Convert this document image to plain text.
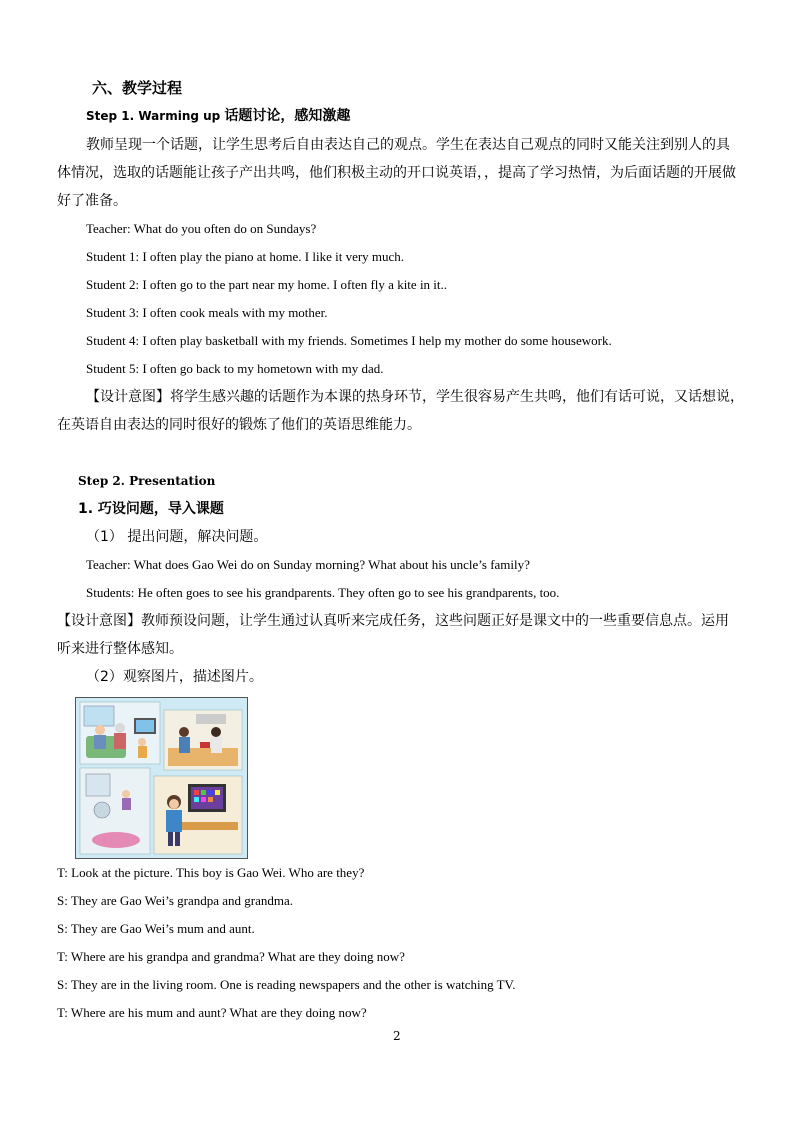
六、教学过程
Step 1. Warming up 话题讨论，感知激趣
教师呈现一个话题，让学生思考后自由表达自己的观点。学生在表达自己观点的同时又能关注到别人的具
体情况，选取的话题能让孩子产出共鸣，他们积极主动的开口说英语，，提高了学习热情，为后面话题的开展做
好了准备。
Teacher: What do you often do on Sundays?
Student 1: I often play the piano at home. I like it very much.
Student 2: I often go to the part near my home. I often fly a kite in it..
Student 3: I often cook meals with my mother.
Student 4: I often play basketball with my friends. Sometimes I help my mother do some housework.
Student 5: I often go back to my hometown with my dad.
【设计意图】将学生感兴趣的话题作为本课的热身环节，学生很容易产生共鸣，他们有话可说，又话想说，
在英语自由表达的同时很好的锻炼了他们的英语思维能力。
Step 2. Presentation
1. 巧设问题，导入课题
（1） 提出问题，解决问题。
Teacher: What does Gao Wei do on Sunday morning? What about his uncle’s family?
Students: He often goes to see his grandparents. They often go to see his grandparents, too.
【设计意图】教师预设问题，让学生通过认真听来完成任务，这些问题正好是课文中的一些重要信息点。运用
听来进行整体感知。
（2）观察图片，描述图片。
T: Look at the picture. This boy is Gao Wei. Who are they?
S: They are Gao Wei’s grandpa and grandma.
S: They are Gao Wei’s mum and aunt.
T: Where are his grandpa and grandma? What are they doing now?
S: They are in the living room. One is reading newspapers and the other is watching TV.
T: Where are his mum and aunt? What are they doing now?
2
